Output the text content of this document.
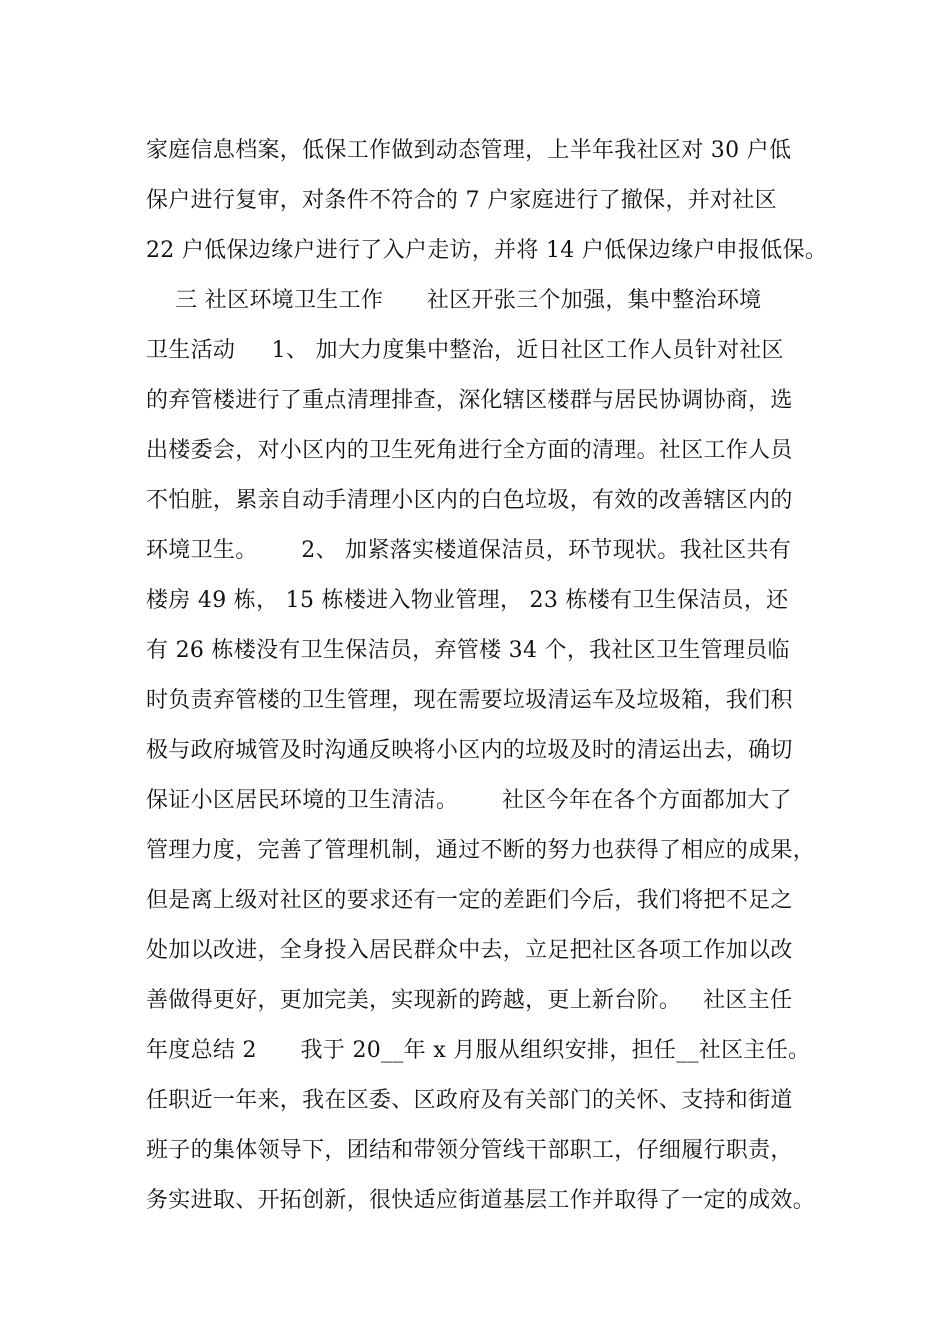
家庭信息档案，低保工作做到动态管理，上半年我社区对 30 户低
保户进行复审，对条件不符合的 7 户家庭进行了撤保，并对社区
22 户低保边缘户进行了入户走访，并将 14 户低保边缘户申报低保。
三 社区环境卫生工作      社区开张三个加强，集中整治环境
卫生活动     1、 加大力度集中整治，近日社区工作人员针对社区
的弃管楼进行了重点清理排查，深化辖区楼群与居民协调协商，选
出楼委会，对小区内的卫生死角进行全方面的清理。社区工作人员
不怕脏，累亲自动手清理小区内的白色垃圾，有效的改善辖区内的
环境卫生。      2、 加紧落实楼道保洁员，环节现状。我社区共有
楼房 49 栋， 15 栋楼进入物业管理， 23 栋楼有卫生保洁员，还
有 26 栋楼没有卫生保洁员，弃管楼 34 个，我社区卫生管理员临
时负责弃管楼的卫生管理，现在需要垃圾清运车及垃圾箱，我们积
极与政府城管及时沟通反映将小区内的垃圾及时的清运出去，确切
保证小区居民环境的卫生清洁。      社区今年在各个方面都加大了
管理力度，完善了管理机制，通过不断的努力也获得了相应的成果，
但是离上级对社区的要求还有一定的差距们今后，我们将把不足之
处加以改进，全身投入居民群众中去，立足把社区各项工作加以改
善做得更好，更加完美，实现新的跨越，更上新台阶。   社区主任
年度总结 2      我于 20__年 x 月服从组织安排，担任__社区主任。
任职近一年来，我在区委、区政府及有关部门的关怀、支持和街道
班子的集体领导下，团结和带领分管线干部职工，仔细履行职责，
务实进取、开拓创新，很快适应街道基层工作并取得了一定的成效。
